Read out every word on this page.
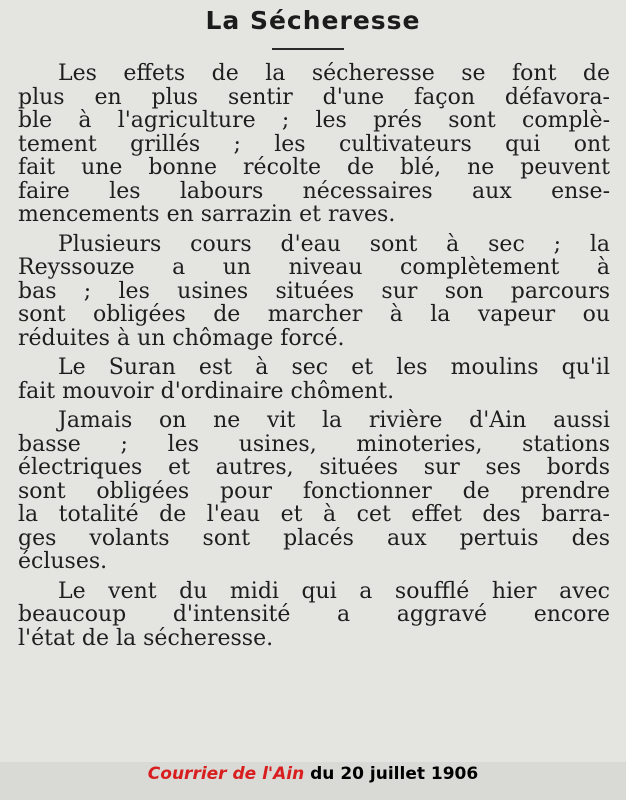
La Sécheresse
Les effets de la sécheresse se font de
plus en plus sentir d'une façon défavora-
ble à l'agriculture ; les prés sont complè-
tement grillés ; les cultivateurs qui ont
fait une bonne récolte de blé, ne peuvent
faire les labours nécessaires aux ense-
mencements en sarrazin et raves.
Plusieurs cours d'eau sont à sec ; la
Reyssouze a un niveau complètement à
bas ; les usines situées sur son parcours
sont obligées de marcher à la vapeur ou
réduites à un chômage forcé.
Le Suran est à sec et les moulins qu'il
fait mouvoir d'ordinaire chôment.
Jamais on ne vit la rivière d'Ain aussi
basse ; les usines, minoteries, stations
électriques et autres, situées sur ses bords
sont obligées pour fonctionner de prendre
la totalité de l'eau et à cet effet des barra-
ges volants sont placés aux pertuis des
écluses.
Le vent du midi qui a soufflé hier avec
beaucoup d'intensité a aggravé encore
l'état de la sécheresse.
Courrier de l'Ain du 20 juillet 1906
